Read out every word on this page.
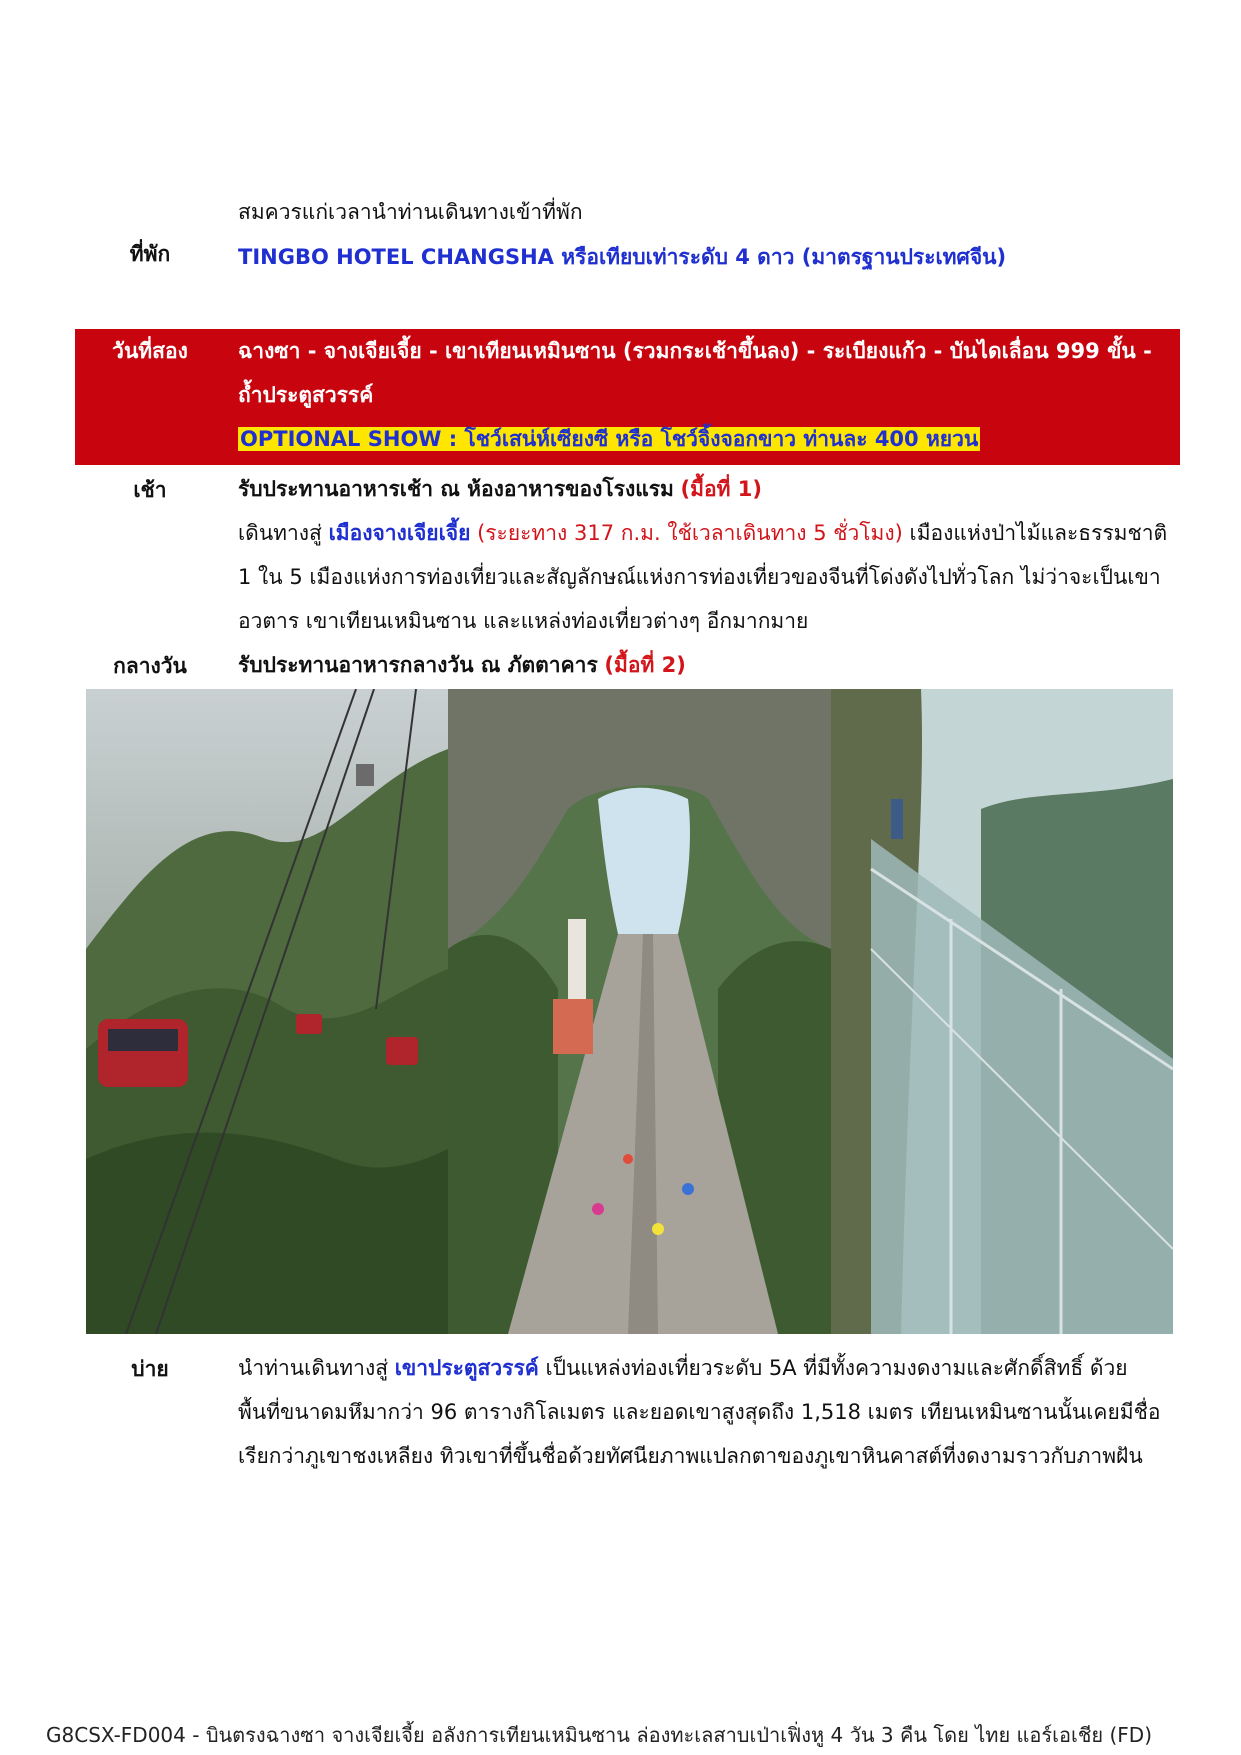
สมควรแก่เวลานำท่านเดินทางเข้าที่พัก
ที่พัก	TINGBO HOTEL CHANGSHA หรือเทียบเท่าระดับ 4 ดาว (มาตรฐานประเทศจีน)
วันที่สอง	ฉางซา - จางเจียเจี้ย - เขาเทียนเหมินซาน (รวมกระเช้าขึ้นลง) - ระเบียงแก้ว - บันไดเลื่อน 999 ขั้น -
ถ้ำประตูสวรรค์
OPTIONAL SHOW : โชว์เสน่ห์เซียงซี หรือ โชว์จิ้งจอกขาว ท่านละ 400 หยวน
เช้า	รับประทานอาหารเช้า ณ ห้องอาหารของโรงแรม (มื้อที่ 1)
เดินทางสู่ เมืองจางเจียเจี้ย (ระยะทาง 317 ก.ม. ใช้เวลาเดินทาง 5 ชั่วโมง) เมืองแห่งป่าไม้และธรรมชาติ
1 ใน 5 เมืองแห่งการท่องเที่ยวและสัญลักษณ์แห่งการท่องเที่ยวของจีนที่โด่งดังไปทั่วโลก ไม่ว่าจะเป็นเขา
อวตาร เขาเทียนเหมินซาน และแหล่งท่องเที่ยวต่างๆ อีกมากมาย
กลางวัน	รับประทานอาหารกลางวัน ณ ภัตตาคาร (มื้อที่ 2)
บ่าย	นำท่านเดินทางสู่ เขาประตูสวรรค์ เป็นแหล่งท่องเที่ยวระดับ 5A ที่มีทั้งความงดงามและศักดิ์สิทธิ์ ด้วย
พื้นที่ขนาดมหึมากว่า 96 ตารางกิโลเมตร และยอดเขาสูงสุดถึง 1,518 เมตร เทียนเหมินซานนั้นเคยมีชื่อ
เรียกว่าภูเขาชงเหลียง ทิวเขาที่ขึ้นชื่อด้วยทัศนียภาพแปลกตาของภูเขาหินคาสต์ที่งดงามราวกับภาพฝัน
G8CSX-FD004 - บินตรงฉางซา จางเจียเจี้ย อลังการเทียนเหมินซาน ล่องทะเลสาบเป่าเฟิ่งหู 4 วัน 3 คืน โดย ไทย แอร์เอเชีย (FD)
